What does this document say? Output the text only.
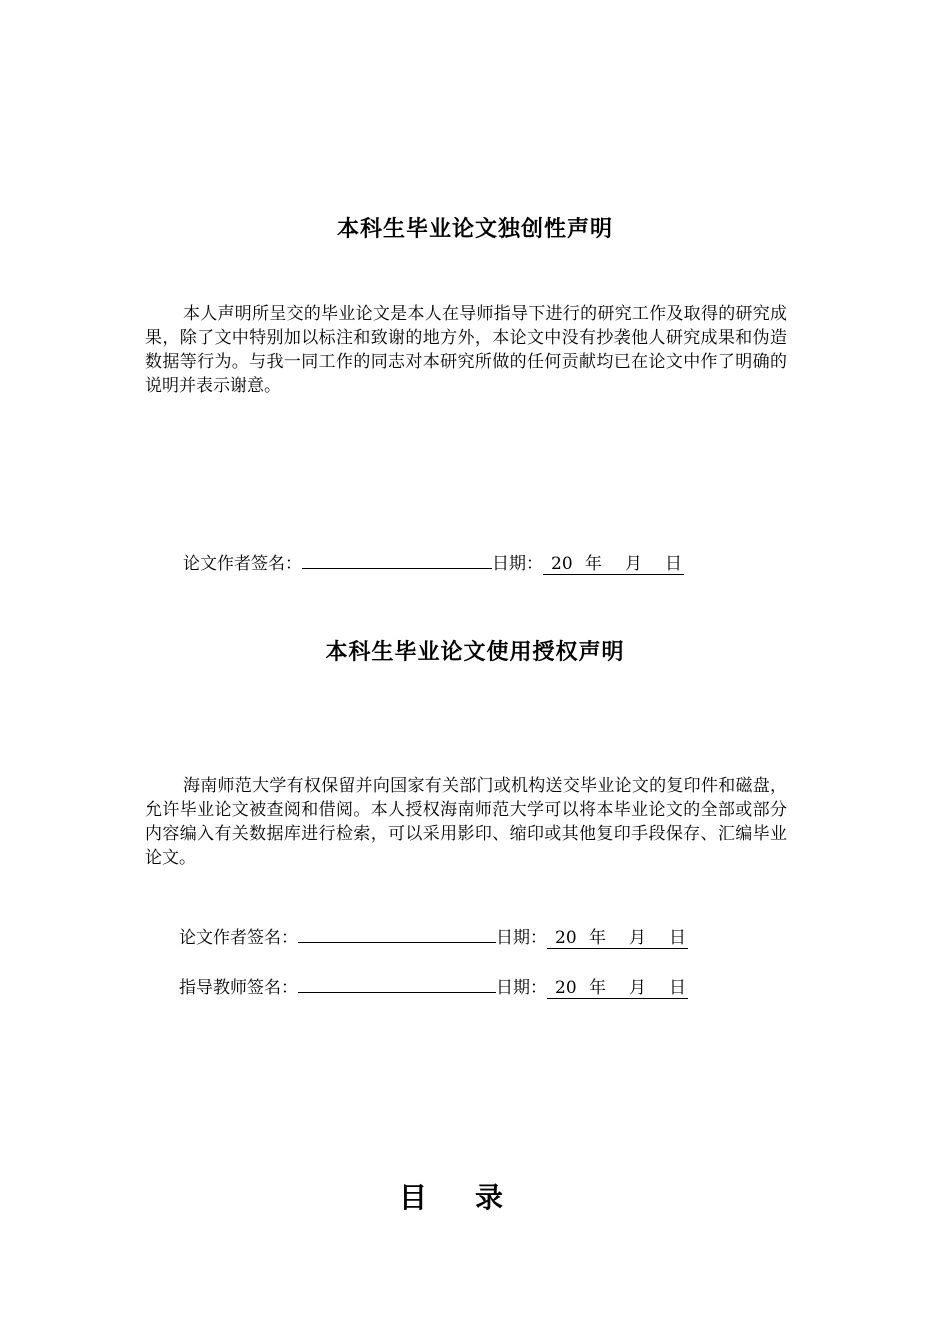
本科生毕业论文独创性声明
本人声明所呈交的毕业论文是本人在导师指导下进行的研究工作及取得的研究成果，除了文中特别加以标注和致谢的地方外，本论文中没有抄袭他人研究成果和伪造数据等行为。与我一同工作的同志对本研究所做的任何贡献均已在论文中作了明确的说明并表示谢意。
论文作者签名：	日期： 20 年 月 日
本科生毕业论文使用授权声明
海南师范大学有权保留并向国家有关部门或机构送交毕业论文的复印件和磁盘，允许毕业论文被查阅和借阅。本人授权海南师范大学可以将本毕业论文的全部或部分内容编入有关数据库进行检索，可以采用影印、缩印或其他复印手段保存、汇编毕业论文。
论文作者签名：	日期： 20 年 月 日
指导教师签名：	日期： 20 年 月 日
目录
